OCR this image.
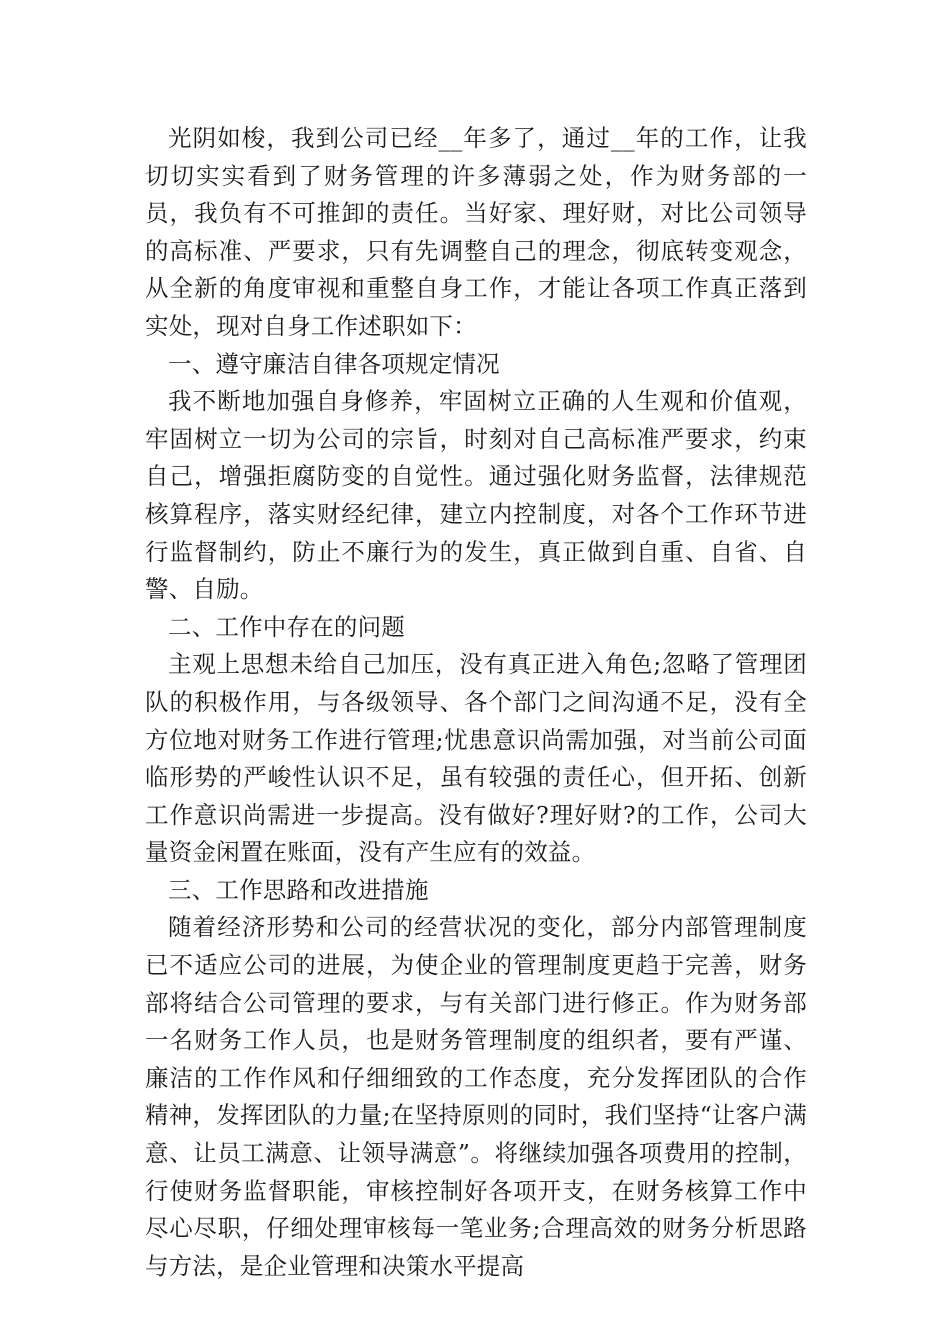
光阴如梭，我到公司已经__年多了，通过__年的工作，让我切切实实看到了财务管理的许多薄弱之处，作为财务部的一员，我负有不可推卸的责任。当好家、理好财，对比公司领导的高标准、严要求，只有先调整自己的理念，彻底转变观念，从全新的角度审视和重整自身工作，才能让各项工作真正落到实处，现对自身工作述职如下：

一、遵守廉洁自律各项规定情况

我不断地加强自身修养，牢固树立正确的人生观和价值观，牢固树立一切为公司的宗旨，时刻对自己高标准严要求，约束自己，增强拒腐防变的自觉性。通过强化财务监督，法律规范核算程序，落实财经纪律，建立内控制度，对各个工作环节进行监督制约，防止不廉行为的发生，真正做到自重、自省、自警、自励。

二、工作中存在的问题

主观上思想未给自己加压，没有真正进入角色;忽略了管理团队的积极作用，与各级领导、各个部门之间沟通不足，没有全方位地对财务工作进行管理;忧患意识尚需加强，对当前公司面临形势的严峻性认识不足，虽有较强的责任心，但开拓、创新工作意识尚需进一步提高。没有做好?理好财?的工作，公司大量资金闲置在账面，没有产生应有的效益。

三、工作思路和改进措施

随着经济形势和公司的经营状况的变化，部分内部管理制度已不适应公司的进展，为使企业的管理制度更趋于完善，财务部将结合公司管理的要求，与有关部门进行修正。作为财务部一名财务工作人员，也是财务管理制度的组织者，要有严谨、廉洁的工作作风和仔细细致的工作态度，充分发挥团队的合作精神，发挥团队的力量;在坚持原则的同时，我们坚持“让客户满意、让员工满意、让领导满意”。将继续加强各项费用的控制，行使财务监督职能，审核控制好各项开支，在财务核算工作中尽心尽职，仔细处理审核每一笔业务;合理高效的财务分析思路与方法，是企业管理和决策水平提高
